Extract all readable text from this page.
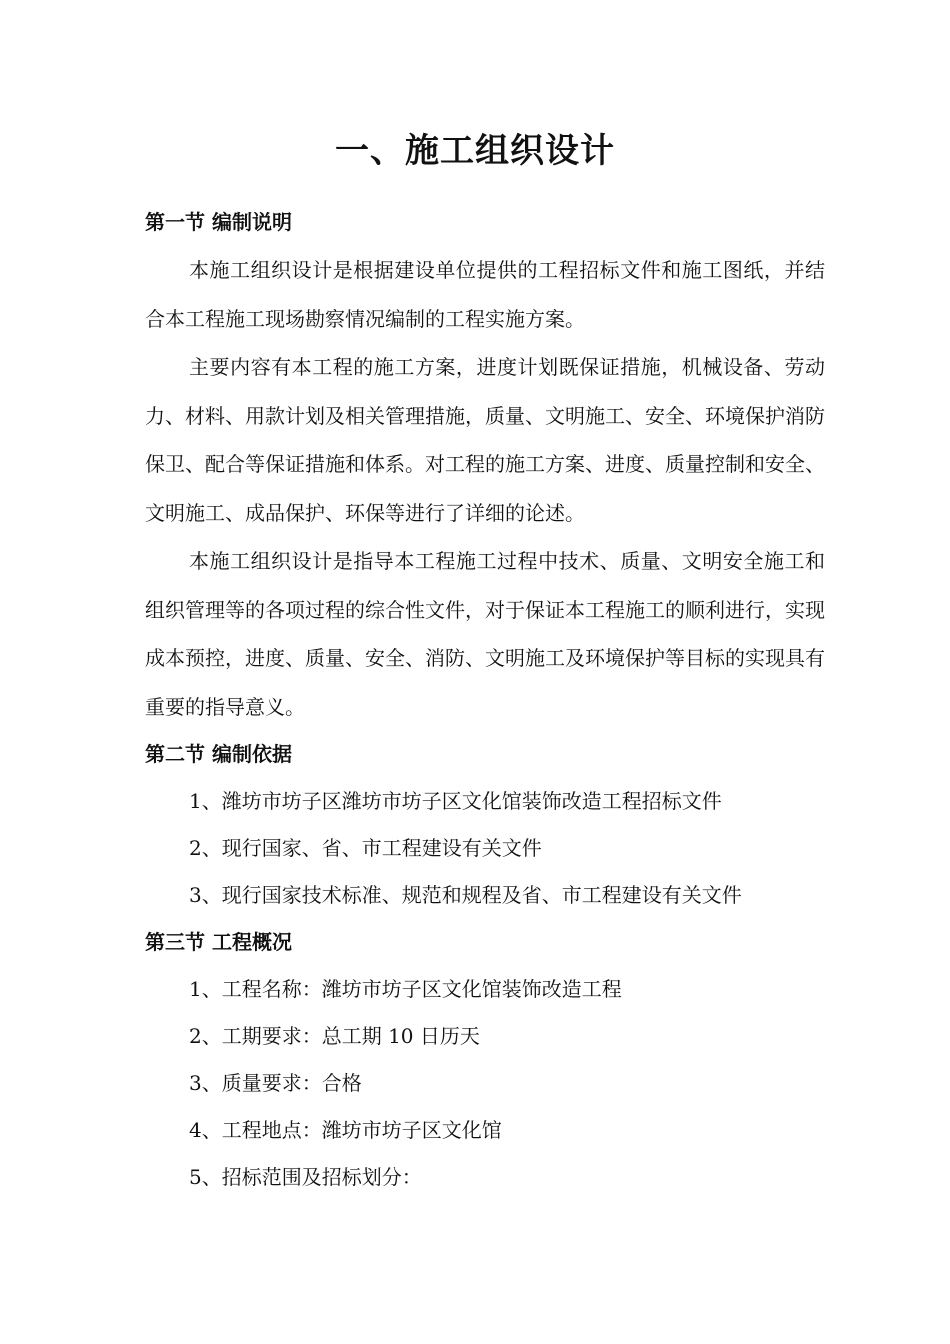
一、施工组织设计
第一节 编制说明

本施工组织设计是根据建设单位提供的工程招标文件和施工图纸，并结合本工程施工现场勘察情况编制的工程实施方案。

主要内容有本工程的施工方案，进度计划既保证措施，机械设备、劳动力、材料、用款计划及相关管理措施，质量、文明施工、安全、环境保护消防保卫、配合等保证措施和体系。对工程的施工方案、进度、质量控制和安全、文明施工、成品保护、环保等进行了详细的论述。

本施工组织设计是指导本工程施工过程中技术、质量、文明安全施工和组织管理等的各项过程的综合性文件，对于保证本工程施工的顺利进行，实现成本预控，进度、质量、安全、消防、文明施工及环境保护等目标的实现具有重要的指导意义。

第二节 编制依据
1、潍坊市坊子区潍坊市坊子区文化馆装饰改造工程招标文件
2、现行国家、省、市工程建设有关文件
3、现行国家技术标准、规范和规程及省、市工程建设有关文件
第三节 工程概况
1、工程名称：潍坊市坊子区文化馆装饰改造工程
2、工期要求：总工期 10 日历天
3、质量要求：合格
4、工程地点：潍坊市坊子区文化馆
5、招标范围及招标划分：
